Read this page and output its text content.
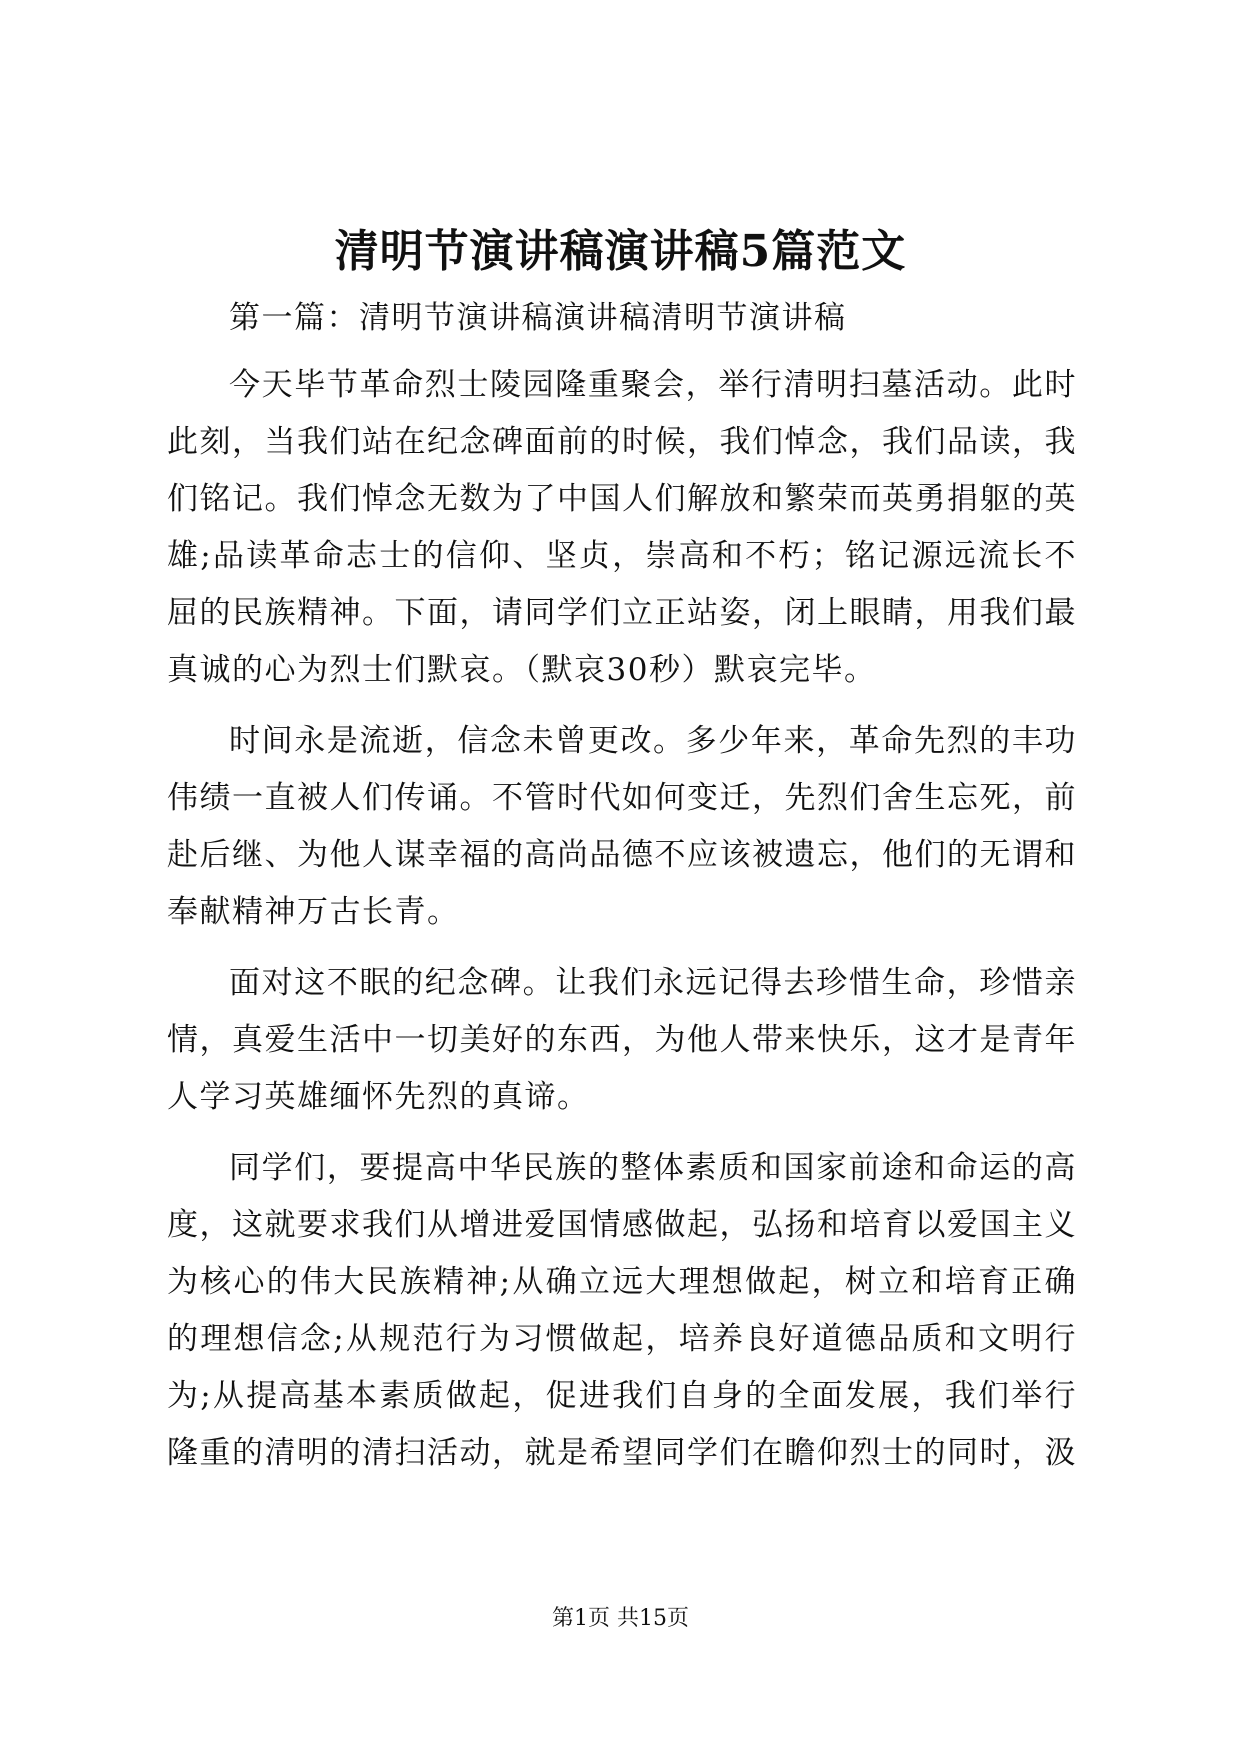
清明节演讲稿演讲稿5篇范文

第一篇：清明节演讲稿演讲稿清明节演讲稿

今天毕节革命烈士陵园隆重聚会，举行清明扫墓活动。此时此刻，当我们站在纪念碑面前的时候，我们悼念，我们品读，我们铭记。我们悼念无数为了中国人们解放和繁荣而英勇捐躯的英雄;品读革命志士的信仰、坚贞，崇高和不朽；铭记源远流长不屈的民族精神。下面，请同学们立正站姿，闭上眼睛，用我们最真诚的心为烈士们默哀。（默哀30秒）默哀完毕。

时间永是流逝，信念未曾更改。多少年来，革命先烈的丰功伟绩一直被人们传诵。不管时代如何变迁，先烈们舍生忘死，前赴后继、为他人谋幸福的高尚品德不应该被遗忘，他们的无谓和奉献精神万古长青。

面对这不眠的纪念碑。让我们永远记得去珍惜生命，珍惜亲情，真爱生活中一切美好的东西，为他人带来快乐，这才是青年人学习英雄缅怀先烈的真谛。

同学们，要提高中华民族的整体素质和国家前途和命运的高度，这就要求我们从增进爱国情感做起，弘扬和培育以爱国主义为核心的伟大民族精神;从确立远大理想做起，树立和培育正确的理想信念;从规范行为习惯做起，培养良好道德品质和文明行为;从提高基本素质做起，促进我们自身的全面发展，我们举行隆重的清明的清扫活动，就是希望同学们在瞻仰烈士的同时，汲

第1页 共15页
